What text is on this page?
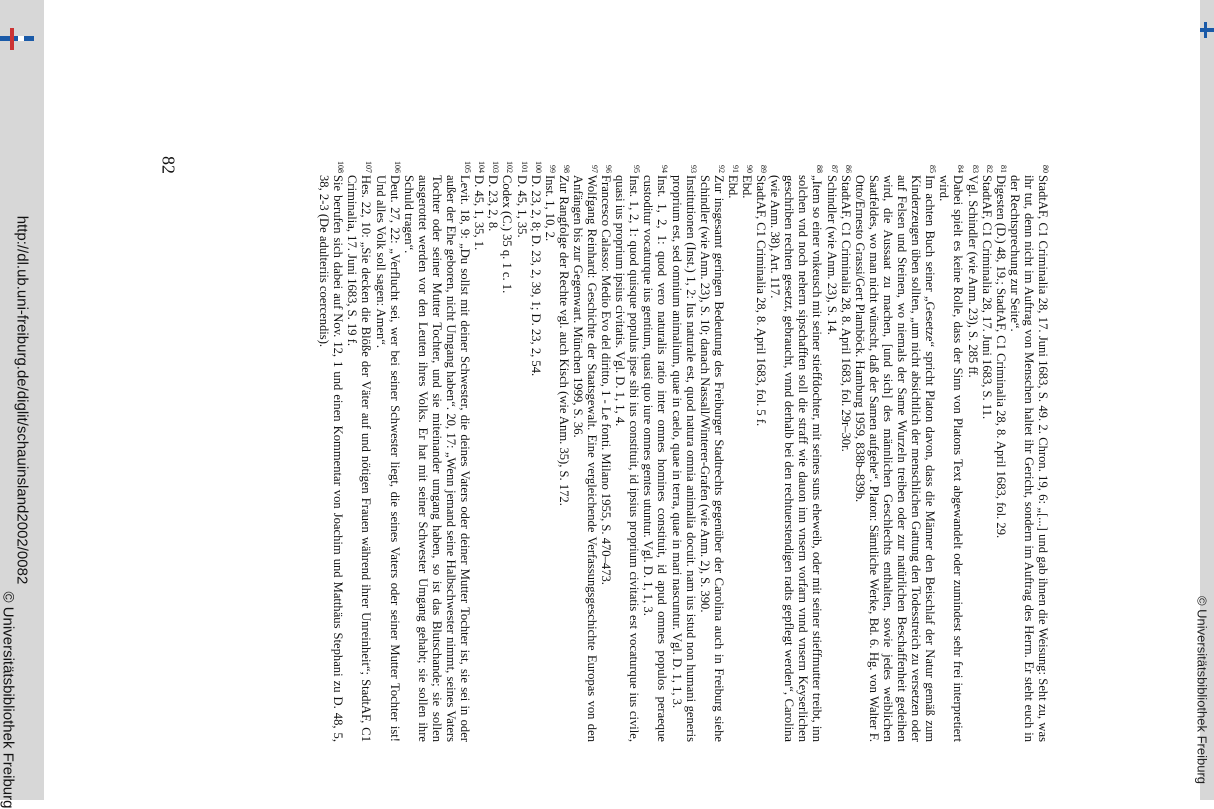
http://dl.ub.uni-freiburg.de/diglit/schauinsland2002/0082
© Universitätsbibliothek Freiburg	© Universitätsbibliothek Freiburg
82	80
StadtAF, C1 Criminalia 28, 17. Juni 1683, S. 49. 2. Chron. 19, 6: „[...] und gab ihnen die Weisung: Seht zu, was ihr tut, denn nicht im Auftrag von Menschen haltet ihr Gericht, sondern im Auftrag des Herrn. Er steht euch in der Rechtsprechung zur Seite“.
81
Digesten (D.) 48, 19.; StadtAF, C1 Criminalia 28, 8. April 1683, fol. 29.
82
StadtAF, C1 Criminalia 28, 17. Juni 1683, S. 11.
83
Vgl. Schindler (wie Anm. 23), S. 285 ff.
84
Dabei spielt es keine Rolle, dass der Sinn von Platons Text abgewandelt oder zumindest sehr frei interpretiert wird.
85
Im achten Buch seiner „Gesetze“ spricht Platon davon, dass die Männer den Beischlaf der Natur gemäß zum Kinderzeugen üben sollten, „um nicht absichtlich der menschlichen Gattung den Todesstreich zu versetzen oder auf Felsen und Steinen, wo niemals der Same Wurzeln treiben oder zur natürlichen Beschaffenheit gedeihen wird, die Aussaat zu machen, [und sich] des männlichen Geschlechts enthalten, sowie jedes weiblichen Saatfeldes, wo man nicht wünscht, daß der Samen aufgehe“. Platon: Sämtliche Werke, Bd. 6. Hg. von Walter F. Otto/Ernesto Grassi/Gert Plamböck. Hamburg 1959, 838b–839b.
86
StadtAF, C1 Criminalia 28, 8. April 1683, fol. 29r–30r.
87
Schindler (wie Anm. 23), S. 14.
88
„Item so einer vnkeusch mit seiner stieffdochter, mit seines suns eheweib, oder mit seiner stieffmutter treibt, inn solchen vnd noch nehern sipschafften soll die straff wie dauon inn vnsern vorfarn vnnd vnsern Keyserlichen geschriben rechten gesetzt, gebraucht, vnnd derhalb bei den rechtuerstendigen radts gepflegt werden“, Carolina (wie Anm. 38), Art. 117.
89
StadtAF, C1 Criminalia 28, 8. April 1683, fol. 5 f.
90
Ebd.
91
Ebd.
92
Zur insgesamt geringen Bedeutung des Freiburger Stadtrechts gegenüber der Carolina auch in Freiburg siehe Schindler (wie Anm. 23), S. 10; danach Nassall/Winterer-Grafen (wie Anm. 2), S. 390.
93
Institutionen (Inst.) 1, 2: Ius naturale est, quod natura omnia animalia docuit. nam ius istud non humani generis proprium est, sed omnium animalium, quae in caelo, quae in terra, quae in mari nascuntur. Vgl. D. 1, 1, 3.
94
Inst. 1, 2, 1: quod vero naturalis ratio inter omnes homines constituit, id apud omnes populos peraeque custoditur vocaturque ius gentium, quasi quo iure omnes gentes utuntur. Vgl. D. 1, 1, 3.
95
Inst. 1, 2, 1: quod quisque populus ipse sibi ius constituit, id ipsius proprium civitatis est vocaturque ius civile, quasi ius proprium ipsius civitatis. Vgl. D. 1, 1, 4.
96
Francesco Calasso: Medio Evo del diritto, 1 - Le fonti. Milano 1955, S. 470–473.
97
Wolfgang Reinhard: Geschichte der Staatsgewalt. Eine vergleichende Verfassungsgeschichte Europas von den Anfängen bis zur Gegenwart. München 1999, S. 36.
98
Zur Rangfolge der Rechte vgl. auch Kisch (wie Anm. 35), S. 172.
99
Inst. 1, 10, 2.
100
D. 23, 2, 8; D. 23, 2, 39, 1; D. 23, 2, 54.
101
D. 45, 1, 35.
102
Codex (C.) 35 q. 1 c. 1.
103
D. 23, 2, 8.
104
D. 45, 1, 35, 1.
105
Levit. 18, 9: „Du sollst mit deiner Schwester, die deines Vaters oder deiner Mutter Tochter ist, sie sei in oder außer der Ehe geboren, nicht Umgang haben“. 20, 17: „Wenn jemand seine Halbschwester nimmt, seines Vaters Tochter oder seiner Mutter Tochter, und sie miteinander umgang haben, so ist das Blutschande; sie sollen ausgerottet werden vor den Leuten ihres Volks. Er hat mit seiner Schwester Umgang gehabt; sie sollen ihre Schuld tragen“.
106
Deut. 27, 22: „Verflucht sei, wer bei seiner Schwester liegt, die seines Vaters oder seiner Mutter Tochter ist! Und alles Volk soll sagen: Amen“.
107
Hes. 22, 10: „Sie decken die Blöße der Väter auf und nötigen Frauen während ihrer Unreinheit“; StadtAF, C1 Criminalia, 17. Juni 1683, S. 19 f.
108
Sie berufen sich dabei auf Nov. 12, 1 und einen Kommentar von Joachim und Matthäus Stephani zu D. 48, 5, 38, 2-3 (De adulteriis coercendis).
